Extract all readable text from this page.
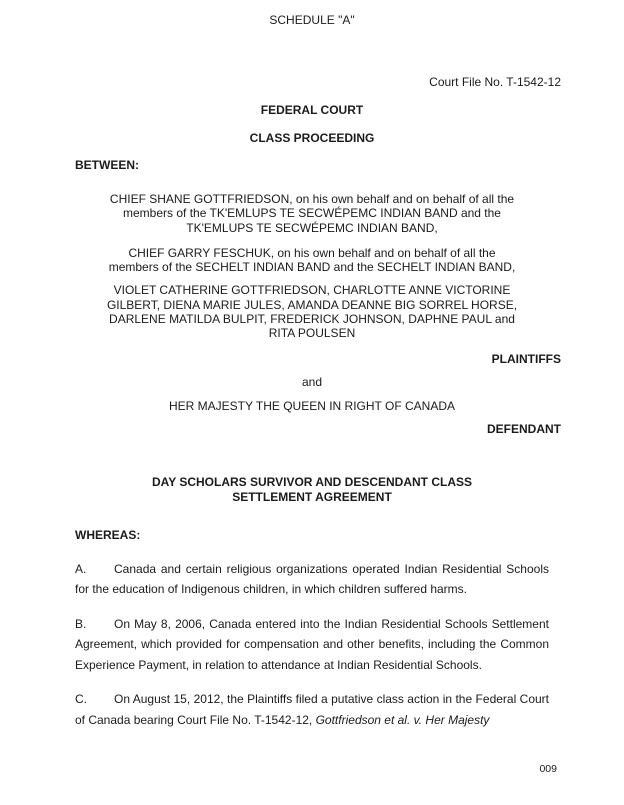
SCHEDULE "A"
Court File No. T-1542-12
FEDERAL COURT
CLASS PROCEEDING
BETWEEN:
CHIEF SHANE GOTTFRIEDSON, on his own behalf and on behalf of all the
members of the TK'EMLUPS TE SECWÉPEMC INDIAN BAND and the
TK'EMLUPS TE SECWÉPEMC INDIAN BAND,
CHIEF GARRY FESCHUK, on his own behalf and on behalf of all the
members of the SECHELT INDIAN BAND and the SECHELT INDIAN BAND,
VIOLET CATHERINE GOTTFRIEDSON, CHARLOTTE ANNE VICTORINE
GILBERT, DIENA MARIE JULES, AMANDA DEANNE BIG SORREL HORSE,
DARLENE MATILDA BULPIT, FREDERICK JOHNSON, DAPHNE PAUL and
RITA POULSEN
PLAINTIFFS
and
HER MAJESTY THE QUEEN IN RIGHT OF CANADA
DEFENDANT
DAY SCHOLARS SURVIVOR AND DESCENDANT CLASS
SETTLEMENT AGREEMENT
WHEREAS:

A. Canada and certain religious organizations operated Indian Residential Schools for the education of Indigenous children, in which children suffered harms.

B. On May 8, 2006, Canada entered into the Indian Residential Schools Settlement Agreement, which provided for compensation and other benefits, including the Common Experience Payment, in relation to attendance at Indian Residential Schools.

C. On August 15, 2012, the Plaintiffs filed a putative class action in the Federal Court of Canada bearing Court File No. T-1542-12, Gottfriedson et al. v. Her Majesty

009
